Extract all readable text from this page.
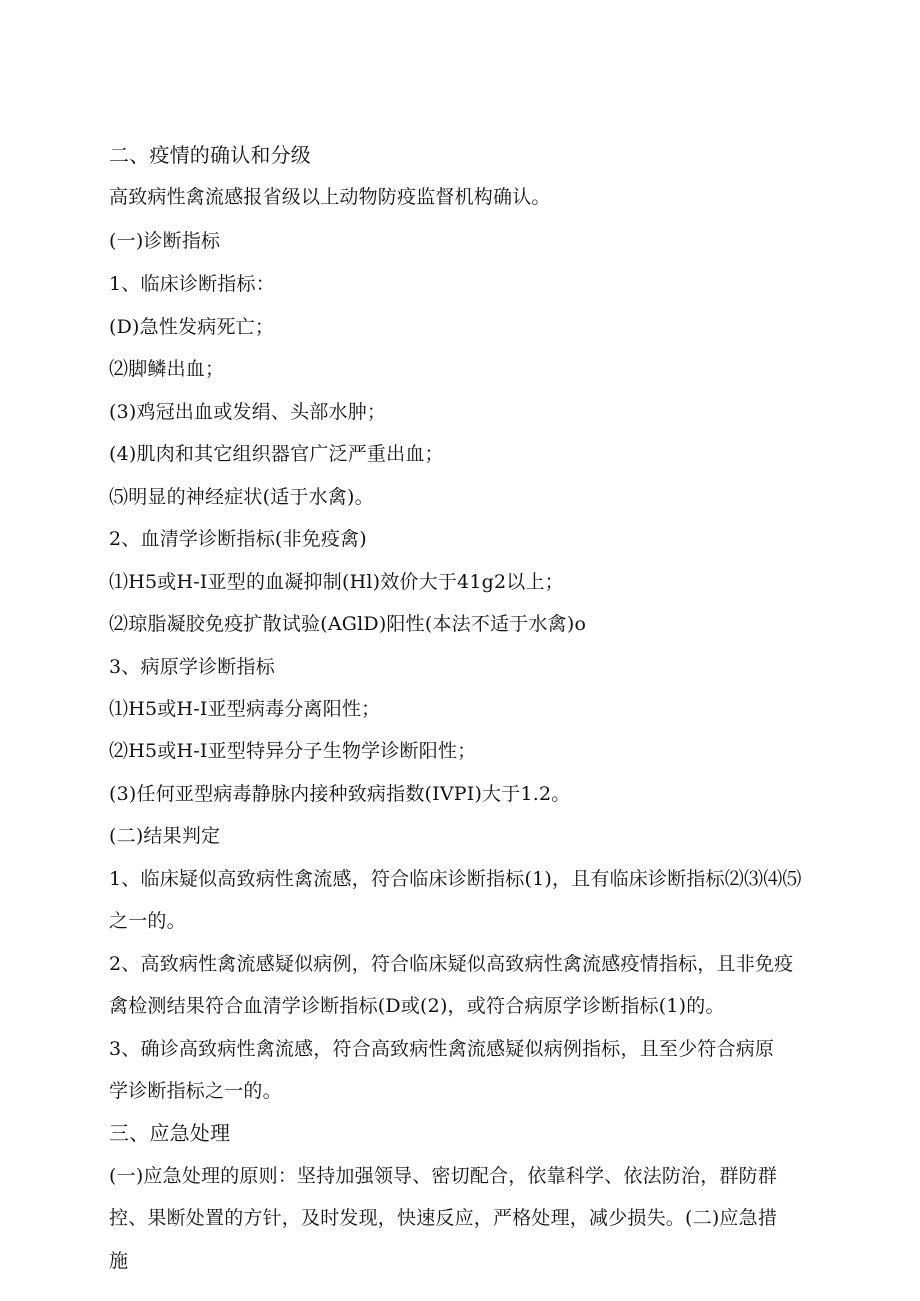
二、疫情的确认和分级
高致病性禽流感报省级以上动物防疫监督机构确认。
(一)诊断指标
1、临床诊断指标：
(D)急性发病死亡；
⑵脚鳞出血；
(3)鸡冠出血或发绢、头部水肿；
(4)肌肉和其它组织器官广泛严重出血；
⑸明显的神经症状(适于水禽)。
2、血清学诊断指标(非免疫禽)
⑴H5或H-I亚型的血凝抑制(Hl)效价大于41g2以上；
⑵琼脂凝胶免疫扩散试验(AGlD)阳性(本法不适于水禽)o
3、病原学诊断指标
⑴H5或H-I亚型病毒分离阳性；
⑵H5或H-I亚型特异分子生物学诊断阳性；
(3)任何亚型病毒静脉内接种致病指数(IVPI)大于1.2。
(二)结果判定
1、临床疑似高致病性禽流感，符合临床诊断指标(1)，且有临床诊断指标⑵⑶⑷⑸
之一的。
2、高致病性禽流感疑似病例，符合临床疑似高致病性禽流感疫情指标，且非免疫
禽检测结果符合血清学诊断指标(D或(2)，或符合病原学诊断指标(1)的。
3、确诊高致病性禽流感，符合高致病性禽流感疑似病例指标，且至少符合病原
学诊断指标之一的。
三、应急处理
(一)应急处理的原则：坚持加强领导、密切配合，依靠科学、依法防治，群防群
控、果断处置的方针，及时发现，快速反应，严格处理，减少损失。(二)应急措
施
